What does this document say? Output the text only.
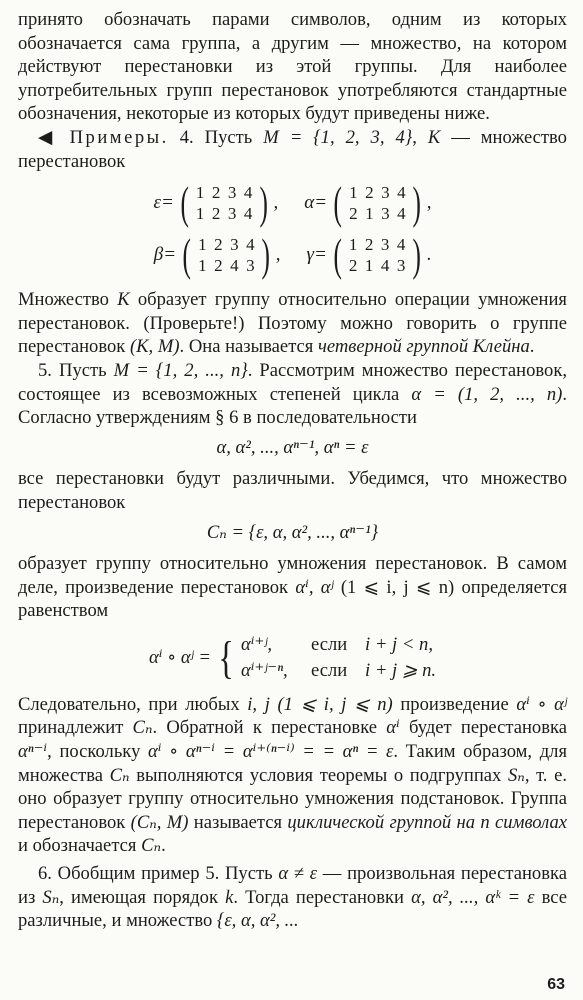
принято обозначать парами символов, одним из которых обозначается сама группа, а другим — множество, на котором действуют перестановки из этой группы. Для наиболее употребительных групп перестановок употребляются стандартные обозначения, некоторые из которых будут приведены ниже.

◀ Примеры. 4. Пусть M = {1, 2, 3, 4}, K — множество перестановок

ε = ( 1 2 3 4
1 2 3 4 ) , α = ( 1 2 3 4
2 1 3 4 ) ,
β = ( 1 2 3 4
1 2 4 3 ) , γ = ( 1 2 3 4
2 1 4 3 ) .

Множество K образует группу относительно операции умножения перестановок. (Проверьте!) Поэтому можно говорить о группе перестановок (K, M). Она называется четверной группой Клейна.

5. Пусть M = {1, 2, ..., n}. Рассмотрим множество перестановок, состоящее из всевозможных степеней цикла α = (1, 2, ..., n). Согласно утверждениям § 6 в последовательности

α, α², ..., αⁿ⁻¹, αⁿ = ε

все перестановки будут различными. Убедимся, что множество перестановок

Cₙ = {ε, α, α², ..., αⁿ⁻¹}

образует группу относительно умножения перестановок. В самом деле, произведение перестановок αⁱ, αʲ (1 ⩽ i, j ⩽ n) определяется равенством

αⁱ ∘ αʲ = { αⁱ⁺ʲ,	если i + j < n,
αⁱ⁺ʲ⁻ⁿ,	если i + j ⩾ n.

Следовательно, при любых i, j (1 ⩽ i, j ⩽ n) произведение αⁱ ∘ αʲ принадлежит Cₙ. Обратной к перестановке αⁱ будет перестановка αⁿ⁻ⁱ, поскольку αⁱ ∘ αⁿ⁻ⁱ = αⁱ⁺⁽ⁿ⁻ⁱ⁾ = = αⁿ = ε. Таким образом, для множества Cₙ выполняются условия теоремы о подгруппах Sₙ, т. е. оно образует группу относительно умножения подстановок. Группа перестановок (Cₙ, M) называется циклической группой на n символах и обозначается Cₙ.

6. Обобщим пример 5. Пусть α ≠ ε — произвольная перестановка из Sₙ, имеющая порядок k. Тогда перестановки α, α², ..., αᵏ = ε все различные, и множество {ε, α, α², ...

63
